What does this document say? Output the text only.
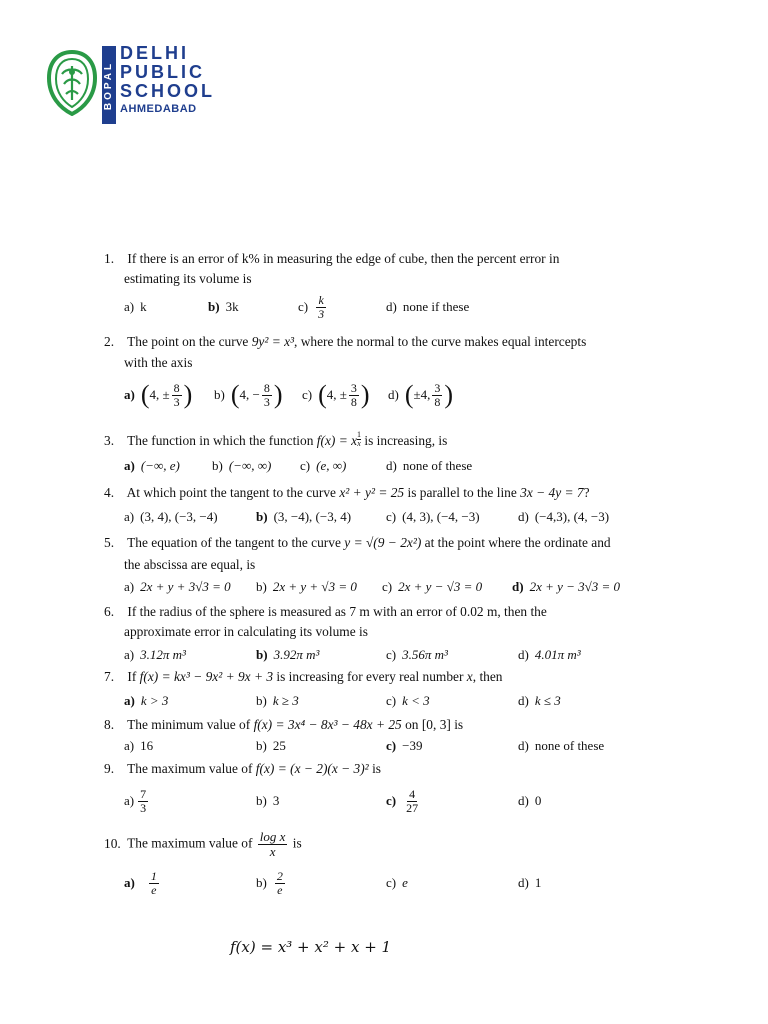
BOPAL
DELHI
PUBLIC
SCHOOL
AHMEDABAD
1. If there is an error of k% in measuring the edge of cube, then the percent error in
estimating its volume is
a) k	b) 3k	$c) \frac{k}{3}$	d) none if these
2. The point on the curve 9y² = x³, where the normal to the curve makes equal intercepts
with the axis
a) ( 4, ± $\frac{8}{3}$ ) b) ( 4, − $\frac{8}{3}$ ) c) ( 4, ± $\frac{3}{8}$ ) d) ( ±4, $\frac{3}{8}$ )
3. The function in which the function f(x) = x $^{\frac{1}{x}}$ is increasing, is
a) (−∞, e) b) (−∞, ∞) c) (e, ∞)	d) none of these
4. At which point the tangent to the curve x² + y² = 25 is parallel to the line 3x − 4y = 7?
a) (3, 4), (−3, −4)	b) (3, −4), (−3, 4)	c) (4, 3), (−4, −3)	d) (−4,3), (4, −3)
5. The equation of the tangent to the curve y = √(9 − 2x²) at the point where the ordinate and
the abscissa are equal, is
a) 2x + y + 3√3 = 0 b) 2x + y + √3 = 0 c) 2x + y − √3 = 0 d) 2x + y − 3√3 = 0
6. If the radius of the sphere is measured as 7 m with an error of 0.02 m, then the
approximate error in calculating its volume is
a) 3.12π m³	b) 3.92π m³	c) 3.56π m³	d) 4.01π m³
7. If f(x) = kx³ − 9x² + 9x + 3 is increasing for every real number x, then
a) k > 3	b) k ≥ 3	c) k < 3	d) k ≤ 3
8. The minimum value of f(x) = 3x⁴ − 8x³ − 48x + 25 on [0, 3] is
a) 16	b) 25	c) −39	d) none of these
9. The maximum value of f(x) = (x − 2)(x − 3)² is
$a) \frac{7}{3}$	b) 3	$c) \frac{4}{27}$	d) 0
10. The maximum value of $\frac{\text{log x}}{x}$ is
$a) \frac{1}{e}$	$b) \frac{2}{e}$	c) e	d) 1
f(x) = x³ + x² + x + 1
